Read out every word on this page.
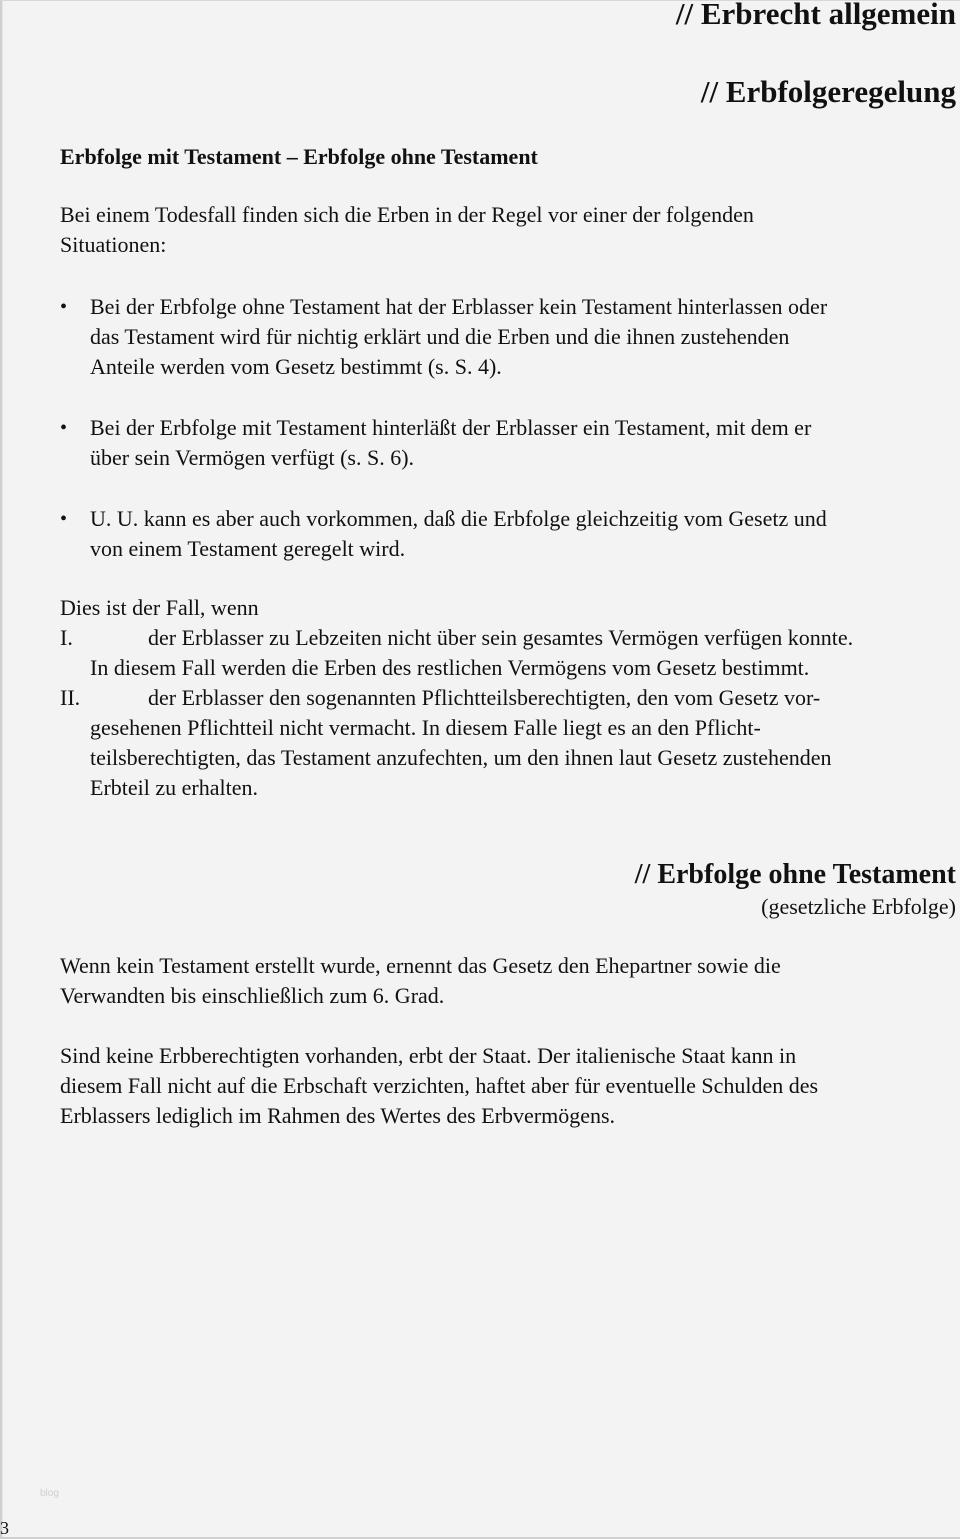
// Erbrecht allgemein
// Erbfolgeregelung
Erbfolge mit Testament – Erbfolge ohne Testament
Bei einem Todesfall finden sich die Erben in der Regel vor einer der folgenden
Situationen:
• Bei der Erbfolge ohne Testament hat der Erblasser kein Testament hinterlassen oder
das Testament wird für nichtig erklärt und die Erben und die ihnen zustehenden
Anteile werden vom Gesetz bestimmt (s. S. 4).
• Bei der Erbfolge mit Testament hinterläßt der Erblasser ein Testament, mit dem er
über sein Vermögen verfügt (s. S. 6).
• U. U. kann es aber auch vorkommen, daß die Erbfolge gleichzeitig vom Gesetz und
von einem Testament geregelt wird.
Dies ist der Fall, wenn
I.	der Erblasser zu Lebzeiten nicht über sein gesamtes Vermögen verfügen konnte.
In diesem Fall werden die Erben des restlichen Vermögens vom Gesetz bestimmt.
II.	der Erblasser den sogenannten Pflichtteilsberechtigten, den vom Gesetz vor-
gesehenen Pflichtteil nicht vermacht. In diesem Falle liegt es an den Pflicht-
teilsberechtigten, das Testament anzufechten, um den ihnen laut Gesetz zustehenden
Erbteil zu erhalten.
// Erbfolge ohne Testament
(gesetzliche Erbfolge)
Wenn kein Testament erstellt wurde, ernennt das Gesetz den Ehepartner sowie die
Verwandten bis einschließlich zum 6. Grad.
Sind keine Erbberechtigten vorhanden, erbt der Staat. Der italienische Staat kann in
diesem Fall nicht auf die Erbschaft verzichten, haftet aber für eventuelle Schulden des
Erblassers lediglich im Rahmen des Wertes des Erbvermögens.
blog
3
